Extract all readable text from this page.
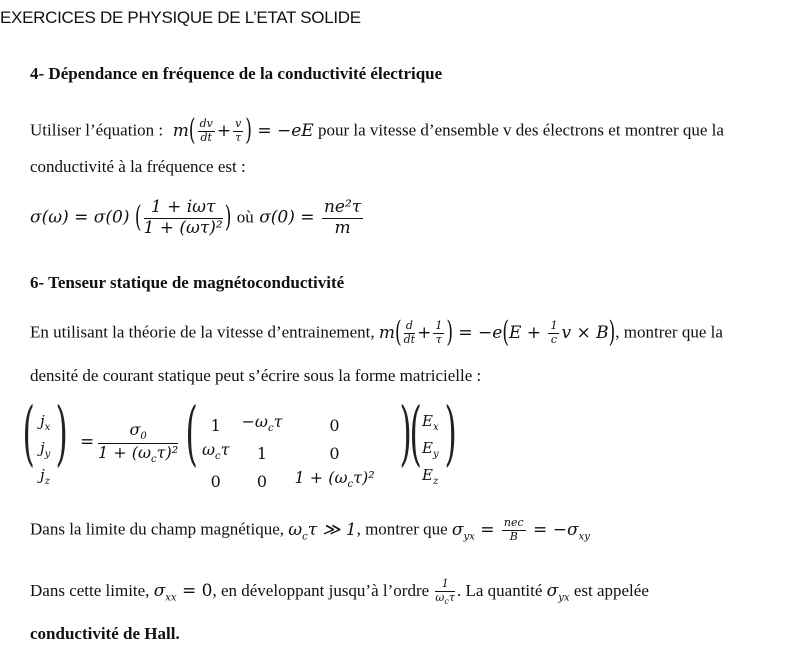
EXERCICES DE PHYSIQUE DE L’ETAT SOLIDE
4- Dépendance en fréquence de la conductivité électrique
Utiliser l’équation :  $m( \frac{dv}{dt} + \frac{v}{\tau}$ ) = −eE pour la vitesse d’ensemble v des électrons et montrer que la
conductivité à la fréquence est :
σ(ω) = σ(0) ( $\frac{\text{1 + iωτ}}{\text{1 + (ωτ)²}}$ ) où $\sigma(0) = \frac{\text{ne²τ}}{m}$
6- Tenseur statique de magnétoconductivité
En utilisant la théorie de la vitesse d’entrainement, $m( \frac{d}{dt} + \frac{1}{\tau}$ ) = $-e(E + \frac{1}{c}$ v × B), montrer que la
densité de courant statique peut s’écrire sous la forme matricielle :
( $j_x$
$j_y$
$j_z$
) = $\frac{\sigma_0}{1 + (\omega_c\tau)^2}$ ( 1	$-\omega_c\tau$	0
$\omega_c\tau$	1	0
0	0	$1 + (\omega_c\tau)^2$
)
( $E_x$
$E_y$
$E_z$
)
Dans la limite du champ magnétique, $\omega_c\tau$ ≫ 1, montrer que $\sigma_{yx} = \frac{\text{nec}}{B} = -\sigma_{xy}$
Dans cette limite, $\sigma_{xx} = 0$, en développant jusqu’à l’ordre $\frac{1}{\omega_c\tau}$ . La quantité $\sigma_{yx}$ est appelée
conductivité de Hall.
